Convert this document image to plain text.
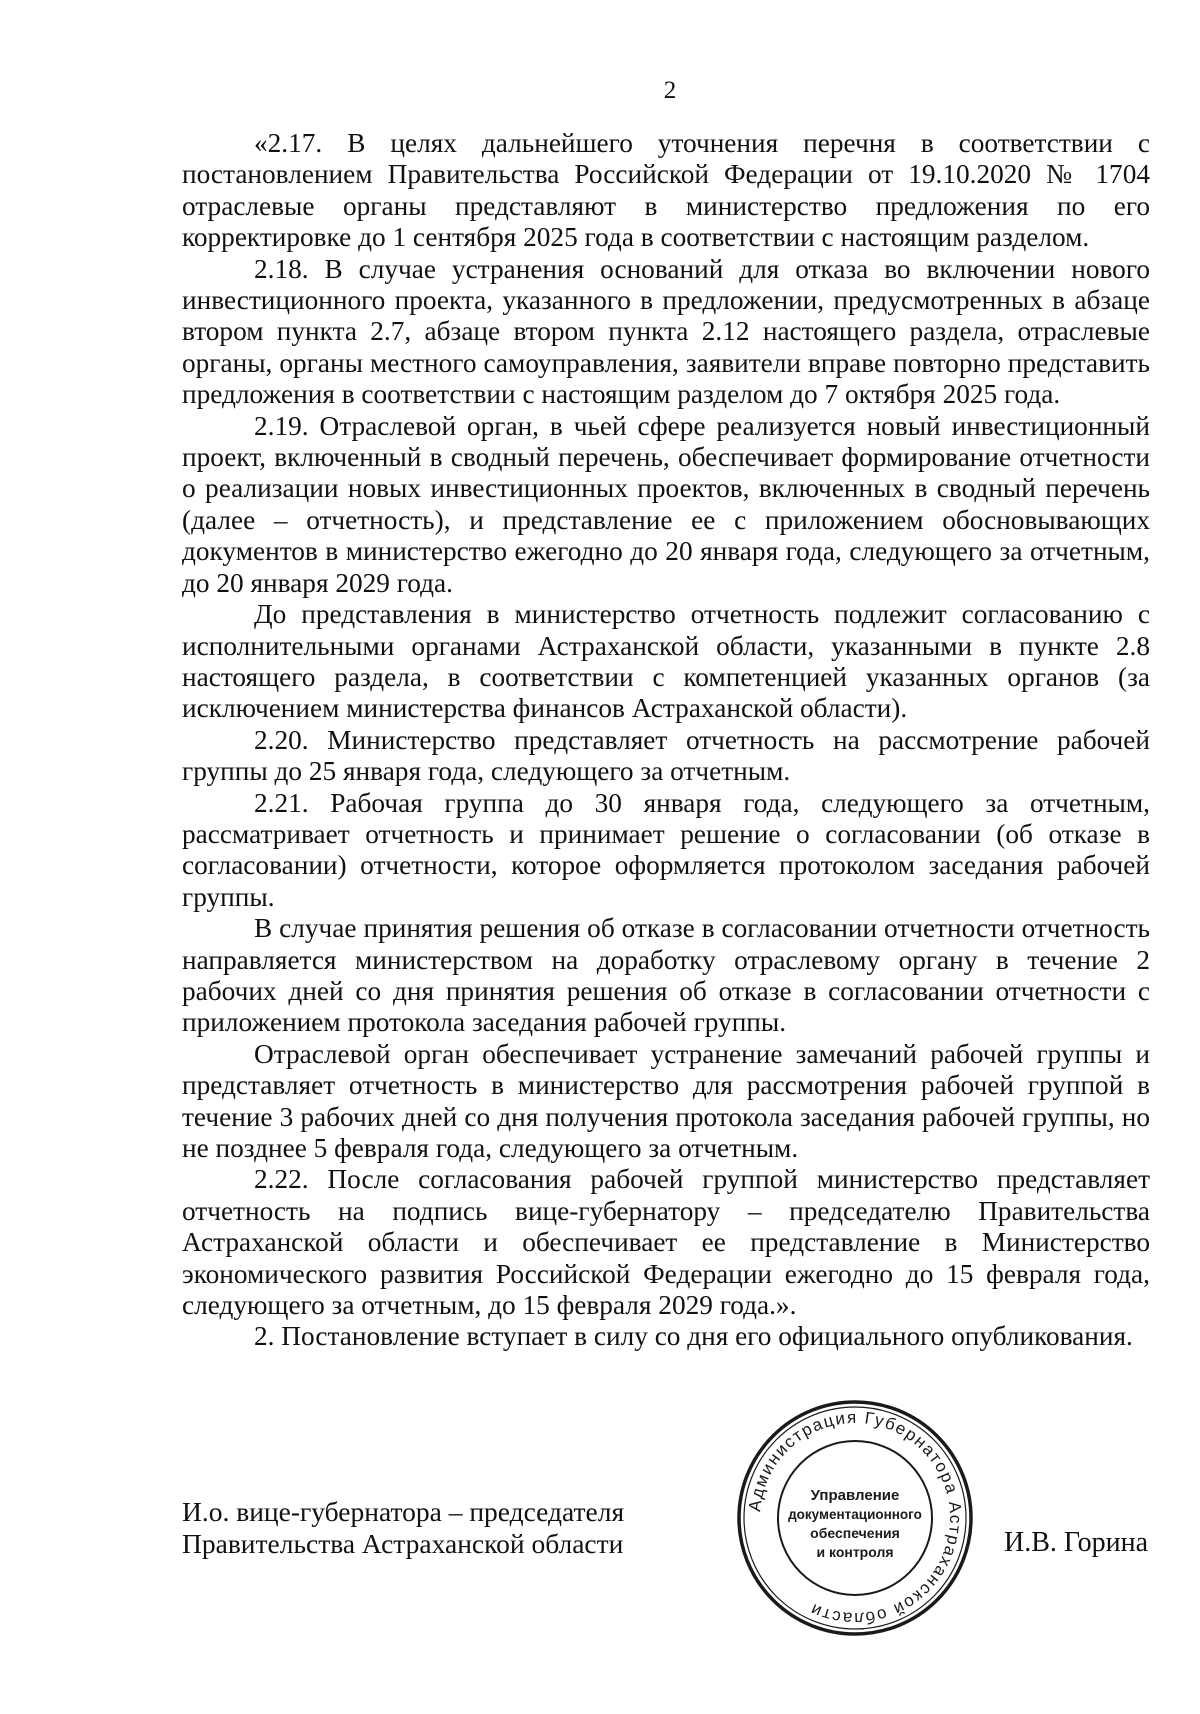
2

«2.17. В целях дальнейшего уточнения перечня в соответствии с постановлением Правительства Российской Федерации от 19.10.2020 № 1704 отраслевые органы представляют в министерство предложения по его корректировке до 1 сентября 2025 года в соответствии с настоящим разделом.

2.18. В случае устранения оснований для отказа во включении нового инвестиционного проекта, указанного в предложении, предусмотренных в абзаце втором пункта 2.7, абзаце втором пункта 2.12 настоящего раздела, отраслевые органы, органы местного самоуправления, заявители вправе повторно представить предложения в соответствии с настоящим разделом до 7 октября 2025 года.

2.19. Отраслевой орган, в чьей сфере реализуется новый инвестиционный проект, включенный в сводный перечень, обеспечивает формирование отчетности о реализации новых инвестиционных проектов, включенных в сводный перечень (далее – отчетность), и представление ее с приложением обосновывающих документов в министерство ежегодно до 20 января года, следующего за отчетным, до 20 января 2029 года.

До представления в министерство отчетность подлежит согласованию с исполнительными органами Астраханской области, указанными в пункте 2.8 настоящего раздела, в соответствии с компетенцией указанных органов (за исключением министерства финансов Астраханской области).

2.20. Министерство представляет отчетность на рассмотрение рабочей группы до 25 января года, следующего за отчетным.

2.21. Рабочая группа до 30 января года, следующего за отчетным, рассматривает отчетность и принимает решение о согласовании (об отказе в согласовании) отчетности, которое оформляется протоколом заседания рабочей группы.

В случае принятия решения об отказе в согласовании отчетности отчетность направляется министерством на доработку отраслевому органу в течение 2 рабочих дней со дня принятия решения об отказе в согласовании отчетности с приложением протокола заседания рабочей группы.

Отраслевой орган обеспечивает устранение замечаний рабочей группы и представляет отчетность в министерство для рассмотрения рабочей группой в течение 3 рабочих дней со дня получения протокола заседания рабочей группы, но не позднее 5 февраля года, следующего за отчетным.

2.22. После согласования рабочей группой министерство представляет отчетность на подпись вице-губернатору – председателю Правительства Астраханской области и обеспечивает ее представление в Министерство экономического развития Российской Федерации ежегодно до 15 февраля года, следующего за отчетным, до 15 февраля 2029 года.».

2. Постановление вступает в силу со дня его официального опубликования.

И.о. вице-губернатора – председателя
Правительства Астраханской области
Администрация Губернатора Астраханской области
Управление
документационного
обеспечения
и контроля	И.В. Горина
